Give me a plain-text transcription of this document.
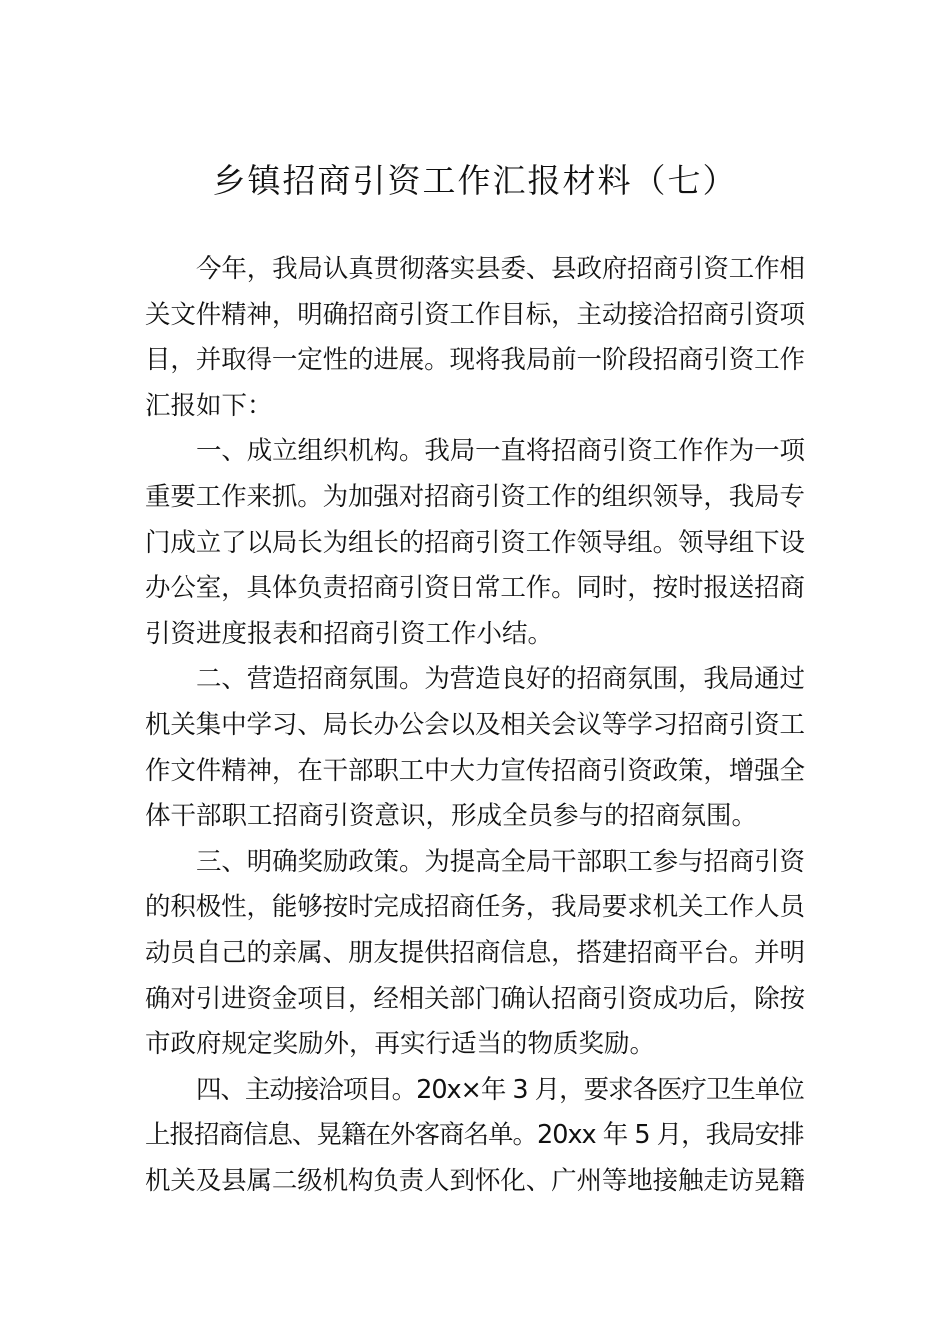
乡镇招商引资工作汇报材料（七）
今年，我局认真贯彻落实县委、县政府招商引资工作相
关文件精神，明确招商引资工作目标，主动接洽招商引资项
目，并取得一定性的进展。现将我局前一阶段招商引资工作
汇报如下：
一、成立组织机构。我局一直将招商引资工作作为一项
重要工作来抓。为加强对招商引资工作的组织领导，我局专
门成立了以局长为组长的招商引资工作领导组。领导组下设
办公室，具体负责招商引资日常工作。同时，按时报送招商
引资进度报表和招商引资工作小结。
二、营造招商氛围。为营造良好的招商氛围，我局通过
机关集中学习、局长办公会以及相关会议等学习招商引资工
作文件精神，在干部职工中大力宣传招商引资政策，增强全
体干部职工招商引资意识，形成全员参与的招商氛围。
三、明确奖励政策。为提高全局干部职工参与招商引资
的积极性，能够按时完成招商任务，我局要求机关工作人员
动员自己的亲属、朋友提供招商信息，搭建招商平台。并明
确对引进资金项目，经相关部门确认招商引资成功后，除按
市政府规定奖励外，再实行适当的物质奖励。
四、主动接洽项目。20x×年 3 月，要求各医疗卫生单位
上报招商信息、晃籍在外客商名单。20xx 年 5 月，我局安排
机关及县属二级机构负责人到怀化、广州等地接触走访晃籍
